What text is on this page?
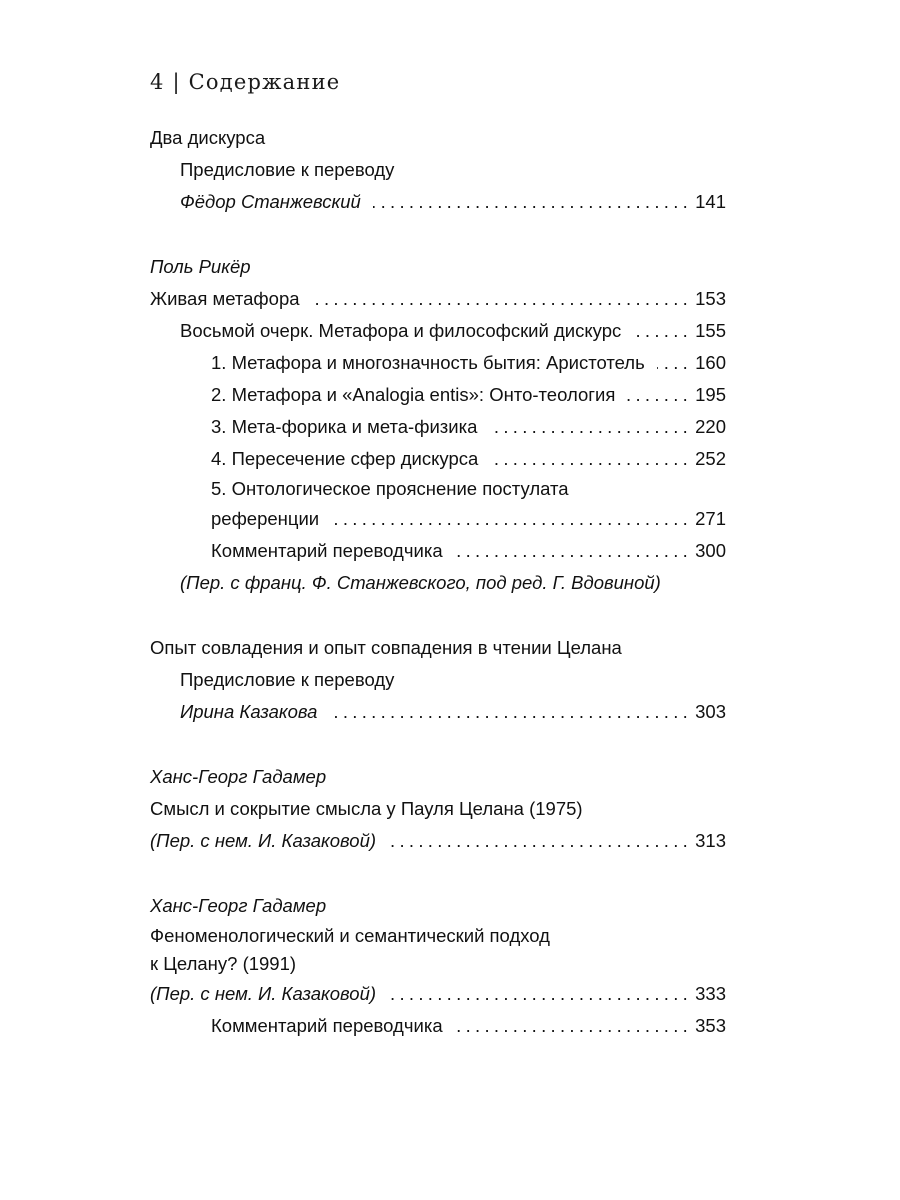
4 | Содержание
Два дискурса
Предисловие к переводу
Фёдор Станжевский .....	141
Поль Рикёр
Живая метафора .....	153
Восьмой очерк. Метафора и философский дискурс .....	155
1. Метафора и многозначность бытия: Аристотель .....	160
2. Метафора и «Analogia entis»: Онто-теология .....	195
3. Мета-форика и мета-физика .....	220
4. Пересечение сфер дискурса .....	252
5. Онтологическое прояснение постулата
референции .....	271
Комментарий переводчика .....	300
(Пер. с франц. Ф. Станжевского, под ред. Г. Вдовиной)
Опыт совладения и опыт совпадения в чтении Целана
Предисловие к переводу
Ирина Казакова .....	303
Ханс-Георг Гадамер
Смысл и сокрытие смысла у Пауля Целана (1975)
(Пер. с нем. И. Казаковой) .....	313
Ханс-Георг Гадамер
Феноменологический и семантический подход
к Целану? (1991)
(Пер. с нем. И. Казаковой) .....	333
Комментарий переводчика .....	353
